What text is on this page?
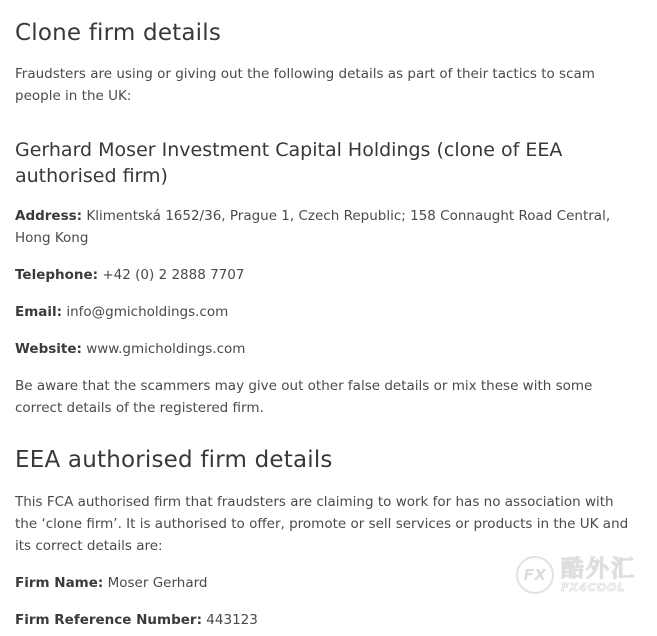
Clone firm details

Fraudsters are using or giving out the following details as part of their tactics to scam people in the UK:

Gerhard Moser Investment Capital Holdings (clone of EEA authorised firm)

Address: Klimentská 1652/36, Prague 1, Czech Republic; 158 Connaught Road Central, Hong Kong

Telephone: +42 (0) 2 2888 7707

Email: info@gmicholdings.com

Website: www.gmicholdings.com

Be aware that the scammers may give out other false details or mix these with some correct details of the registered firm.

EEA authorised firm details

This FCA authorised firm that fraudsters are claiming to work for has no association with the ‘clone firm’. It is authorised to offer, promote or sell services or products in the UK and its correct details are:

Firm Name: Moser Gerhard

Firm Reference Number: 443123

FX 酷外汇
FX4COOL
